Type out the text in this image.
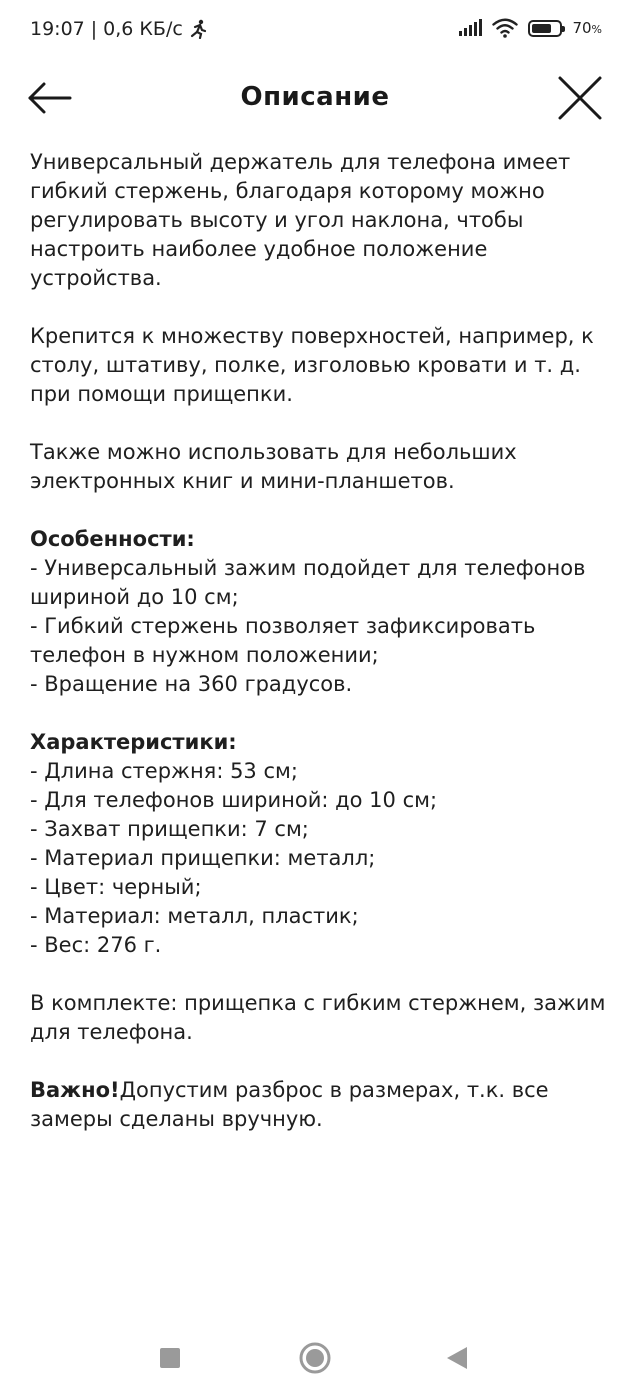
19:07 | 0,6 КБ/с	70%
Описание

Универсальный держатель для телефона имеет гибкий стержень, благодаря которому можно регулировать высоту и угол наклона, чтобы настроить наиболее удобное положение устройства.

Крепится к множеству поверхностей, например, к столу, штативу, полке, изголовью кровати и т. д. при помощи прищепки.

Также можно использовать для небольших электронных книг и мини-планшетов.

Особенности:
- Универсальный зажим подойдет для телефонов шириной до 10 см;
- Гибкий стержень позволяет зафиксировать телефон в нужном положении;
- Вращение на 360 градусов.

Характеристики:
- Длина стержня: 53 см;
- Для телефонов шириной: до 10 см;
- Захват прищепки: 7 см;
- Материал прищепки: металл;
- Цвет: черный;
- Материал: металл, пластик;
- Вес: 276 г.

В комплекте: прищепка с гибким стержнем, зажим для телефона.

Важно!Допустим разброс в размерах, т.к. все замеры сделаны вручную.
